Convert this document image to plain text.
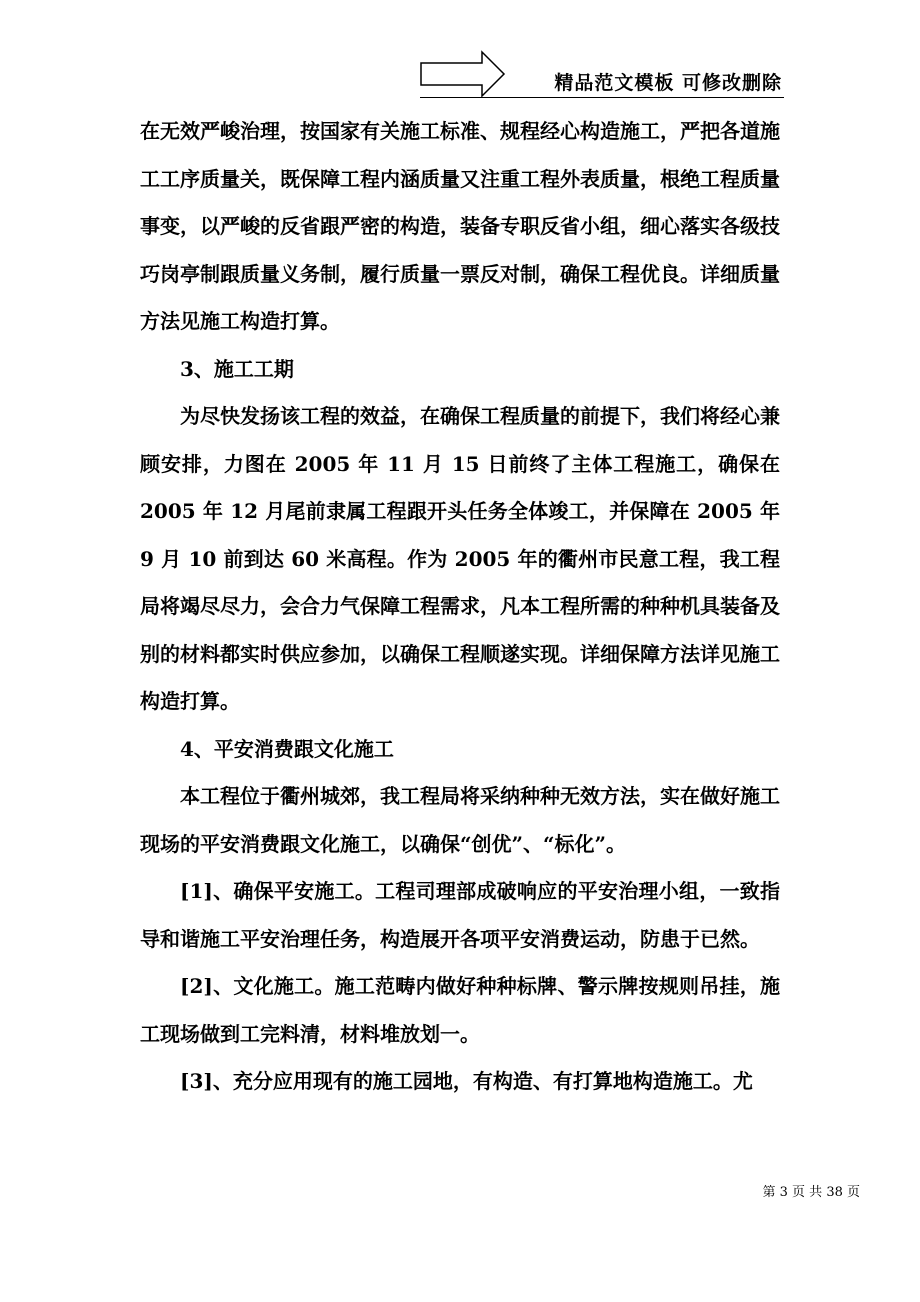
精品范文模板 可修改删除

在无效严峻治理，按国家有关施工标准、规程经心构造施工，严把各道施工工序质量关，既保障工程内涵质量又注重工程外表质量，根绝工程质量事变，以严峻的反省跟严密的构造，装备专职反省小组，细心落实各级技巧岗亭制跟质量义务制，履行质量一票反对制，确保工程优良。详细质量方法见施工构造打算。

3、施工工期

为尽快发扬该工程的效益，在确保工程质量的前提下，我们将经心兼顾安排，力图在 2005 年 11 月 15 日前终了主体工程施工，确保在 2005 年 12 月尾前隶属工程跟开头任务全体竣工，并保障在 2005 年 9 月 10 前到达 60 米高程。作为 2005 年的衢州市民意工程，我工程局将竭尽尽力，会合力气保障工程需求，凡本工程所需的种种机具装备及别的材料都实时供应参加，以确保工程顺遂实现。详细保障方法详见施工构造打算。

4、平安消费跟文化施工

本工程位于衢州城郊，我工程局将采纳种种无效方法，实在做好施工现场的平安消费跟文化施工，以确保“创优”、“标化”。

[1]、确保平安施工。工程司理部成破响应的平安治理小组，一致指导和谐施工平安治理任务，构造展开各项平安消费运动，防患于已然。

[2]、文化施工。施工范畴内做好种种标牌、警示牌按规则吊挂，施工现场做到工完料清，材料堆放划一。

[3]、充分应用现有的施工园地，有构造、有打算地构造施工。尤

第 3 页 共 38 页
